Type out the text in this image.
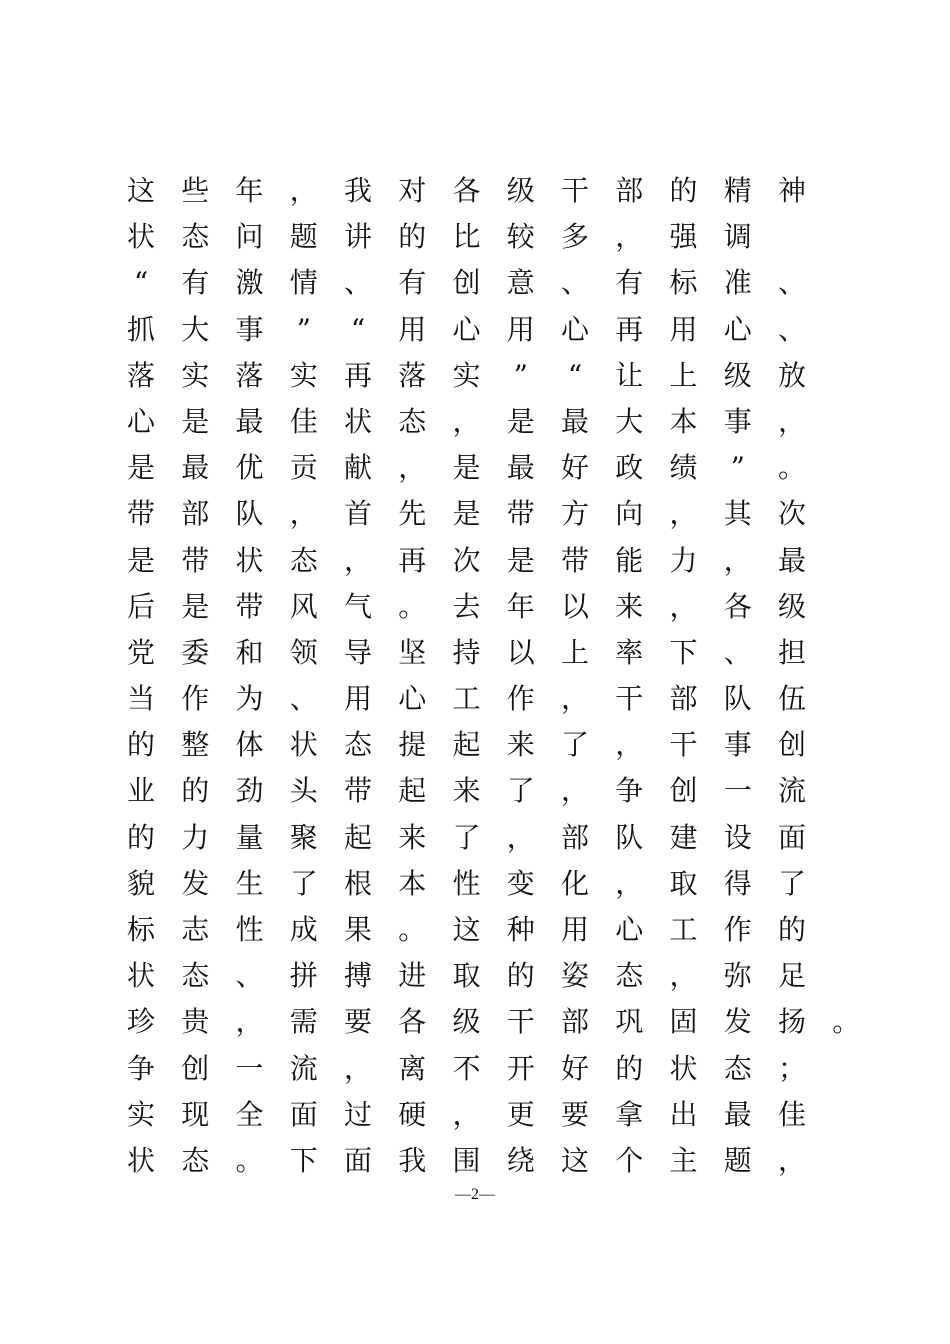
这 些 年 ， 我 对 各 级 干 部 的 精 神
状 态 问 题 讲 的 比 较 多 ， 强 调
“	有 激 情 、 有 创 意 、 有 标 准 、
抓 大 事	”	“	用 心 用 心 再 用 心 、
落 实 落 实 再 落 实	”	“	让 上 级 放
心 是 最 佳 状 态 ， 是 最 大 本 事 ，
是 最 优 贡 献 ， 是 最 好 政 绩	”	。
带 部 队 ， 首 先 是 带 方 向 ， 其 次
是 带 状 态 ， 再 次 是 带 能 力 ， 最
后 是 带 风 气 。 去 年 以 来 ， 各 级
党 委 和 领 导 坚 持 以 上 率 下 、 担
当 作 为 、 用 心 工 作 ， 干 部 队 伍
的 整 体 状 态 提 起 来 了 ， 干 事 创
业 的 劲 头 带 起 来 了 ， 争 创 一 流
的 力 量 聚 起 来 了 ， 部 队 建 设 面
貌 发 生 了 根 本 性 变 化 ， 取 得 了
标 志 性 成 果 。 这 种 用 心 工 作 的
状 态 、 拼 搏 进 取 的 姿 态 ， 弥 足
珍 贵 ， 需 要 各 级 干 部 巩 固 发 扬 。
争 创 一 流 ， 离 不 开 好 的 状 态 ；
实 现 全 面 过 硬 ， 更 要 拿 出 最 佳
状 态 。 下 面 我 围 绕 这 个 主 题 ，
—2—
